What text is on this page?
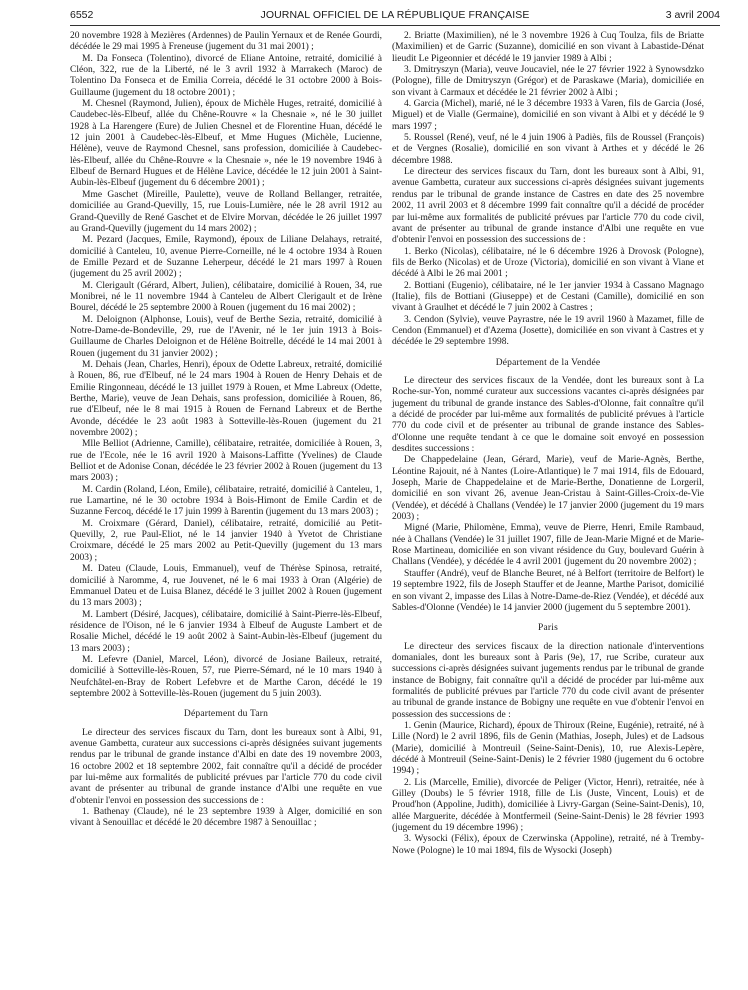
6552	JOURNAL OFFICIEL DE LA RÉPUBLIQUE FRANÇAISE	3 avril 2004

20 novembre 1928 à Mezières (Ardennes) de Paulin Yernaux et de Renée Gourdi, décédée le 29 mai 1995 à Freneuse (jugement du 31 mai 2001) ;

M. Da Fonseca (Tolentino), divorcé de Eliane Antoine, retraité, domicilié à Cléon, 322, rue de la Liberté, né le 3 avril 1932 à Marrakech (Maroc) de Tolentino Da Fonseca et de Emilia Correia, décédé le 31 octobre 2000 à Bois-Guillaume (jugement du 18 octobre 2001) ;

M. Chesnel (Raymond, Julien), époux de Michèle Huges, retraité, domicilié à Caudebec-lès-Elbeuf, allée du Chêne-Rouvre « la Chesnaie », né le 30 juillet 1928 à La Harengere (Eure) de Julien Chesnel et de Florentine Huan, décédé le 12 juin 2001 à Caudebec-lès-Elbeuf, et Mme Hugues (Michèle, Lucienne, Hélène), veuve de Raymond Chesnel, sans profession, domiciliée à Caudebec-lès-Elbeuf, allée du Chêne-Rouvre « la Chesnaie », née le 19 novembre 1946 à Elbeuf de Bernard Hugues et de Hélène Lavice, décédée le 12 juin 2001 à Saint-Aubin-lès-Elbeuf (jugement du 6 décembre 2001) ;

Mme Gaschet (Mireille, Paulette), veuve de Rolland Bellanger, retraitée, domiciliée au Grand-Quevilly, 15, rue Louis-Lumière, née le 28 avril 1912 au Grand-Quevilly de René Gaschet et de Elvire Morvan, décédée le 26 juillet 1997 au Grand-Quevilly (jugement du 14 mars 2002) ;

M. Pezard (Jacques, Emile, Raymond), époux de Liliane Delahays, retraité, domicilié à Canteleu, 10, avenue Pierre-Corneille, né le 4 octobre 1934 à Rouen de Emille Pezard et de Suzanne Leherpeur, décédé le 21 mars 1997 à Rouen (jugement du 25 avril 2002) ;

M. Clerigault (Gérard, Albert, Julien), célibataire, domicilié à Rouen, 34, rue Monibrei, né le 11 novembre 1944 à Canteleu de Albert Clerigault et de Irène Bourel, décédé le 25 septembre 2000 à Rouen (jugement du 16 mai 2002) ;

M. Deloignon (Alphonse, Louis), veuf de Berthe Sezia, retraité, domicilié à Notre-Dame-de-Bondeville, 29, rue de l'Avenir, né le 1er juin 1913 à Bois-Guillaume de Charles Deloignon et de Hélène Boitrelle, décédé le 14 mai 2001 à Rouen (jugement du 31 janvier 2002) ;

M. Dehais (Jean, Charles, Henri), époux de Odette Labreux, retraité, domicilié à Rouen, 86, rue d'Elbeuf, né le 24 mars 1904 à Rouen de Henry Dehais et de Emilie Ringonneau, décédé le 13 juillet 1979 à Rouen, et Mme Labreux (Odette, Berthe, Marie), veuve de Jean Dehais, sans profession, domiciliée à Rouen, 86, rue d'Elbeuf, née le 8 mai 1915 à Rouen de Fernand Labreux et de Berthe Avonde, décédée le 23 août 1983 à Sotteville-lès-Rouen (jugement du 21 novembre 2002) ;

Mlle Belliot (Adrienne, Camille), célibataire, retraitée, domiciliée à Rouen, 3, rue de l'Ecole, née le 16 avril 1920 à Maisons-Laffitte (Yvelines) de Claude Belliot et de Adonise Conan, décédée le 23 février 2002 à Rouen (jugement du 13 mars 2003) ;

M. Cardin (Roland, Léon, Emile), célibataire, retraité, domicilié à Canteleu, 1, rue Lamartine, né le 30 octobre 1934 à Bois-Himont de Emile Cardin et de Suzanne Fercoq, décédé le 17 juin 1999 à Barentin (jugement du 13 mars 2003) ;

M. Croixmare (Gérard, Daniel), célibataire, retraité, domicilié au Petit-Quevilly, 2, rue Paul-Eliot, né le 14 janvier 1940 à Yvetot de Christiane Croixmare, décédé le 25 mars 2002 au Petit-Quevilly (jugement du 13 mars 2003) ;

M. Dateu (Claude, Louis, Emmanuel), veuf de Thérèse Spinosa, retraité, domicilié à Naromme, 4, rue Jouvenet, né le 6 mai 1933 à Oran (Algérie) de Emmanuel Dateu et de Luisa Blanez, décédé le 3 juillet 2002 à Rouen (jugement du 13 mars 2003) ;

M. Lambert (Désiré, Jacques), célibataire, domicilié à Saint-Pierre-lès-Elbeuf, résidence de l'Oison, né le 6 janvier 1934 à Elbeuf de Auguste Lambert et de Rosalie Michel, décédé le 19 août 2002 à Saint-Aubin-lès-Elbeuf (jugement du 13 mars 2003) ;

M. Lefevre (Daniel, Marcel, Léon), divorcé de Josiane Baileux, retraité, domicilié à Sotteville-lès-Rouen, 57, rue Pierre-Sémard, né le 10 mars 1940 à Neufchâtel-en-Bray de Robert Lefebvre et de Marthe Caron, décédé le 19 septembre 2002 à Sotteville-lès-Rouen (jugement du 5 juin 2003).

Département du Tarn

Le directeur des services fiscaux du Tarn, dont les bureaux sont à Albi, 91, avenue Gambetta, curateur aux successions ci-après désignées suivant jugements rendus par le tribunal de grande instance d'Albi en date des 19 novembre 2003, 16 octobre 2002 et 18 septembre 2002, fait connaître qu'il a décidé de procéder par lui-même aux formalités de publicité prévues par l'article 770 du code civil avant de présenter au tribunal de grande instance d'Albi une requête en vue d'obtenir l'envoi en possession des successions de :

1. Bathenay (Claude), né le 23 septembre 1939 à Alger, domicilié en son vivant à Senouillac et décédé le 20 décembre 1987 à Senouillac ;

2. Briatte (Maximilien), né le 3 novembre 1926 à Cuq Toulza, fils de Briatte (Maximilien) et de Garric (Suzanne), domicilié en son vivant à Labastide-Dénat lieudit Le Pigeonnier et décédé le 19 janvier 1989 à Albi ;

3. Dmitryszyn (Maria), veuve Joucaviel, née le 27 février 1922 à Synowsdzko (Pologne), fille de Dmitryszyn (Grégor) et de Paraskawe (Maria), domiciliée en son vivant à Carmaux et décédée le 21 février 2002 à Albi ;

4. Garcia (Michel), marié, né le 3 décembre 1933 à Varen, fils de Garcia (José, Miguel) et de Vialle (Germaine), domicilié en son vivant à Albi et y décédé le 9 mars 1997 ;

5. Roussel (René), veuf, né le 4 juin 1906 à Padiès, fils de Roussel (François) et de Vergnes (Rosalie), domicilié en son vivant à Arthes et y décédé le 26 décembre 1988.

Le directeur des services fiscaux du Tarn, dont les bureaux sont à Albi, 91, avenue Gambetta, curateur aux successions ci-après désignées suivant jugements rendus par le tribunal de grande instance de Castres en date des 25 novembre 2002, 11 avril 2003 et 8 décembre 1999 fait connaître qu'il a décidé de procéder par lui-même aux formalités de publicité prévues par l'article 770 du code civil, avant de présenter au tribunal de grande instance d'Albi une requête en vue d'obtenir l'envoi en possession des successions de :

1. Berko (Nicolas), célibataire, né le 6 décembre 1926 à Drovosk (Pologne), fils de Berko (Nicolas) et de Uroze (Victoria), domicilié en son vivant à Viane et décédé à Albi le 26 mai 2001 ;

2. Bottiani (Eugenio), célibataire, né le 1er janvier 1934 à Cassano Magnago (Italie), fils de Bottiani (Giuseppe) et de Cestani (Camille), domicilié en son vivant à Graulhet et décédé le 7 juin 2002 à Castres ;

3. Cendon (Sylvie), veuve Payrastre, née le 19 avril 1960 à Mazamet, fille de Cendon (Emmanuel) et d'Azema (Josette), domiciliée en son vivant à Castres et y décédée le 29 septembre 1998.

Département de la Vendée

Le directeur des services fiscaux de la Vendée, dont les bureaux sont à La Roche-sur-Yon, nommé curateur aux successions vacantes ci-après désignées par jugement du tribunal de grande instance des Sables-d'Olonne, fait connaître qu'il a décidé de procéder par lui-même aux formalités de publicité prévues à l'article 770 du code civil et de présenter au tribunal de grande instance des Sables-d'Olonne une requête tendant à ce que le domaine soit envoyé en possession desdites successions :

De Chappedelaine (Jean, Gérard, Marie), veuf de Marie-Agnès, Berthe, Léontine Rajouit, né à Nantes (Loire-Atlantique) le 7 mai 1914, fils de Edouard, Joseph, Marie de Chappedelaine et de Marie-Berthe, Donatienne de Lorgeril, domicilié en son vivant 26, avenue Jean-Cristau à Saint-Gilles-Croix-de-Vie (Vendée), et décédé à Challans (Vendée) le 17 janvier 2000 (jugement du 19 mars 2003) ;

Migné (Marie, Philomène, Emma), veuve de Pierre, Henri, Emile Rambaud, née à Challans (Vendée) le 31 juillet 1907, fille de Jean-Marie Migné et de Marie-Rose Martineau, domiciliée en son vivant résidence du Guy, boulevard Guérin à Challans (Vendée), y décédée le 4 avril 2001 (jugement du 20 novembre 2002) ;

Stauffer (André), veuf de Blanche Beuret, né à Belfort (territoire de Belfort) le 19 septembre 1922, fils de Joseph Stauffer et de Jeanne, Marthe Parisot, domicilié en son vivant 2, impasse des Lilas à Notre-Dame-de-Riez (Vendée), et décédé aux Sables-d'Olonne (Vendée) le 14 janvier 2000 (jugement du 5 septembre 2001).

Paris

Le directeur des services fiscaux de la direction nationale d'interventions domaniales, dont les bureaux sont à Paris (9e), 17, rue Scribe, curateur aux successions ci-après désignées suivant jugements rendus par le tribunal de grande instance de Bobigny, fait connaître qu'il a décidé de procéder par lui-même aux formalités de publicité prévues par l'article 770 du code civil avant de présenter au tribunal de grande instance de Bobigny une requête en vue d'obtenir l'envoi en possession des successions de :

1. Genin (Maurice, Richard), époux de Thiroux (Reine, Eugénie), retraité, né à Lille (Nord) le 2 avril 1896, fils de Genin (Mathias, Joseph, Jules) et de Ladsous (Marie), domicilié à Montreuil (Seine-Saint-Denis), 10, rue Alexis-Lepère, décédé à Montreuil (Seine-Saint-Denis) le 2 février 1980 (jugement du 6 octobre 1994) ;

2. Lis (Marcelle, Emilie), divorcée de Peliger (Victor, Henri), retraitée, née à Gilley (Doubs) le 5 février 1918, fille de Lis (Juste, Vincent, Louis) et de Proud'hon (Appoline, Judith), domiciliée à Livry-Gargan (Seine-Saint-Denis), 10, allée Marguerite, décédée à Montfermeil (Seine-Saint-Denis) le 28 février 1993 (jugement du 19 décembre 1996) ;

3. Wysocki (Félix), époux de Czerwinska (Appoline), retraité, né à Tremby-Nowe (Pologne) le 10 mai 1894, fils de Wysocki (Joseph)
